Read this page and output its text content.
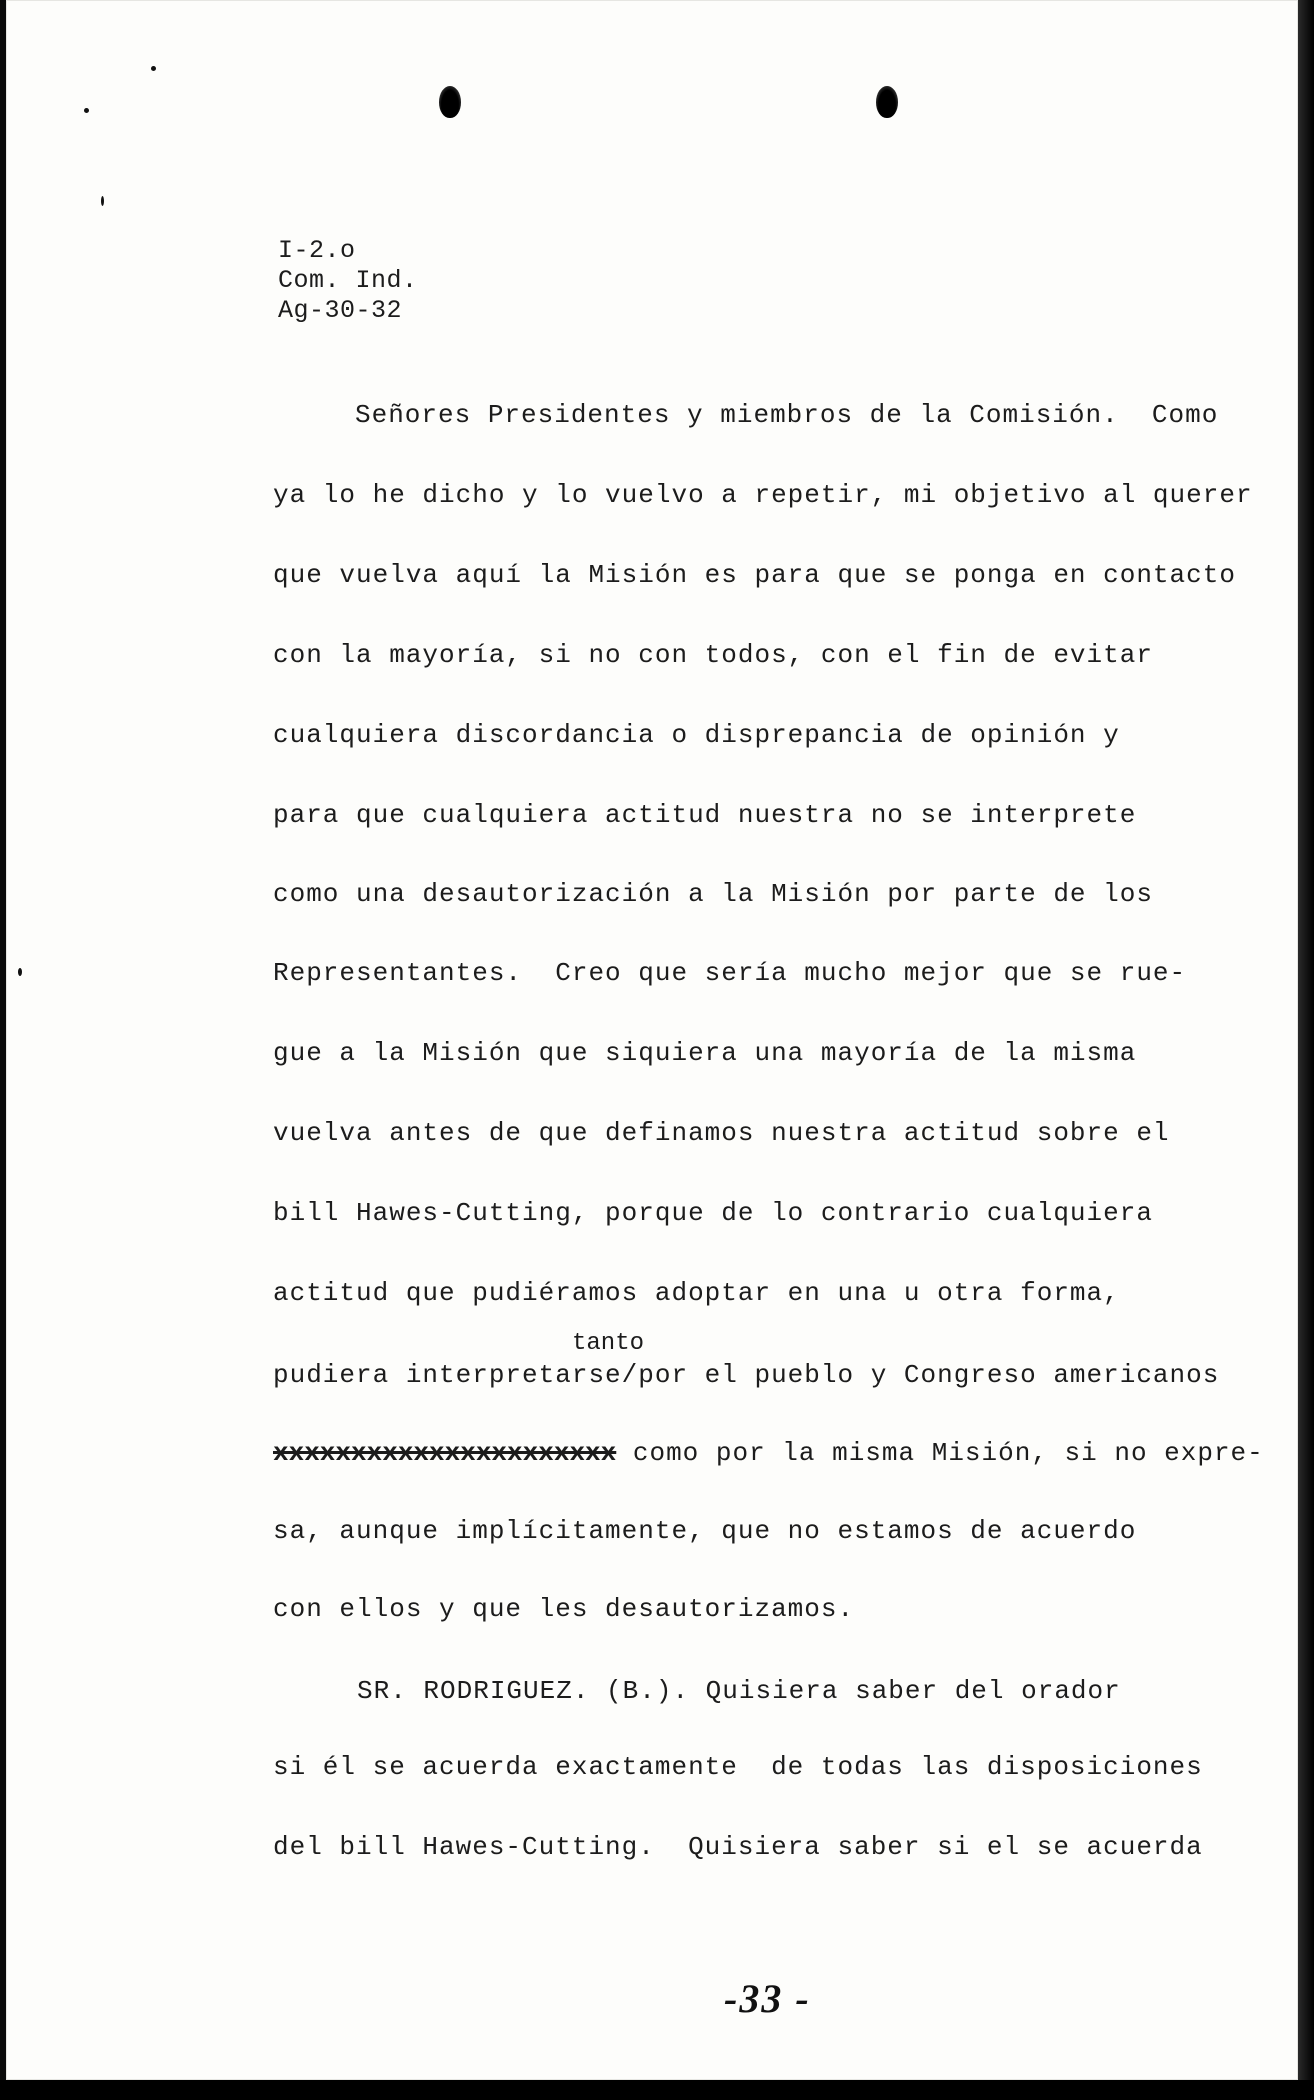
I-2.o
Com. Ind.
Ag-30-32
Señores Presidentes y miembros de la Comisión.  Como
ya lo he dicho y lo vuelvo a repetir, mi objetivo al querer
que vuelva aquí la Misión es para que se ponga en contacto
con la mayoría, si no con todos, con el fin de evitar
cualquiera discordancia o disprepancia de opinión y
para que cualquiera actitud nuestra no se interprete
como una desautorización a la Misión por parte de los
Representantes.  Creo que sería mucho mejor que se rue-
gue a la Misión que siquiera una mayoría de la misma
vuelva antes de que definamos nuestra actitud sobre el
bill Hawes-Cutting, porque de lo contrario cualquiera
actitud que pudiéramos adoptar en una u otra forma,
tanto
pudiera interpretarse/por el pueblo y Congreso americanos
xxxxxxxxxxxxxxxxxxxxxx como por la misma Misión, si no expre-
sa, aunque implícitamente, que no estamos de acuerdo
con ellos y que les desautorizamos.
SR. RODRIGUEZ. (B.). Quisiera saber del orador
si él se acuerda exactamente  de todas las disposiciones
del bill Hawes-Cutting.  Quisiera saber si el se acuerda
-33 -
